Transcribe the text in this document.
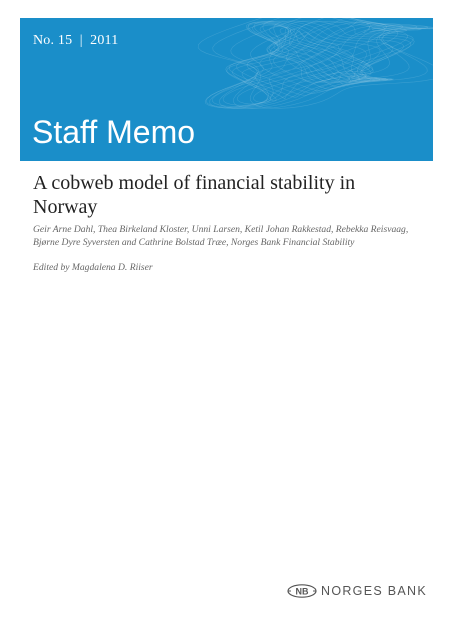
No. 15  |  2011
Staff Memo
A cobweb model of financial stability in Norway
Geir Arne Dahl, Thea Birkeland Kloster, Unni Larsen, Ketil Johan Rakkestad, Rebekka Reisvaag,
Bjørne Dyre Syversten and Cathrine Bolstad Træe, Norges Bank Financial Stability
Edited by Magdalena D. Riiser
NB NORGES BANK
